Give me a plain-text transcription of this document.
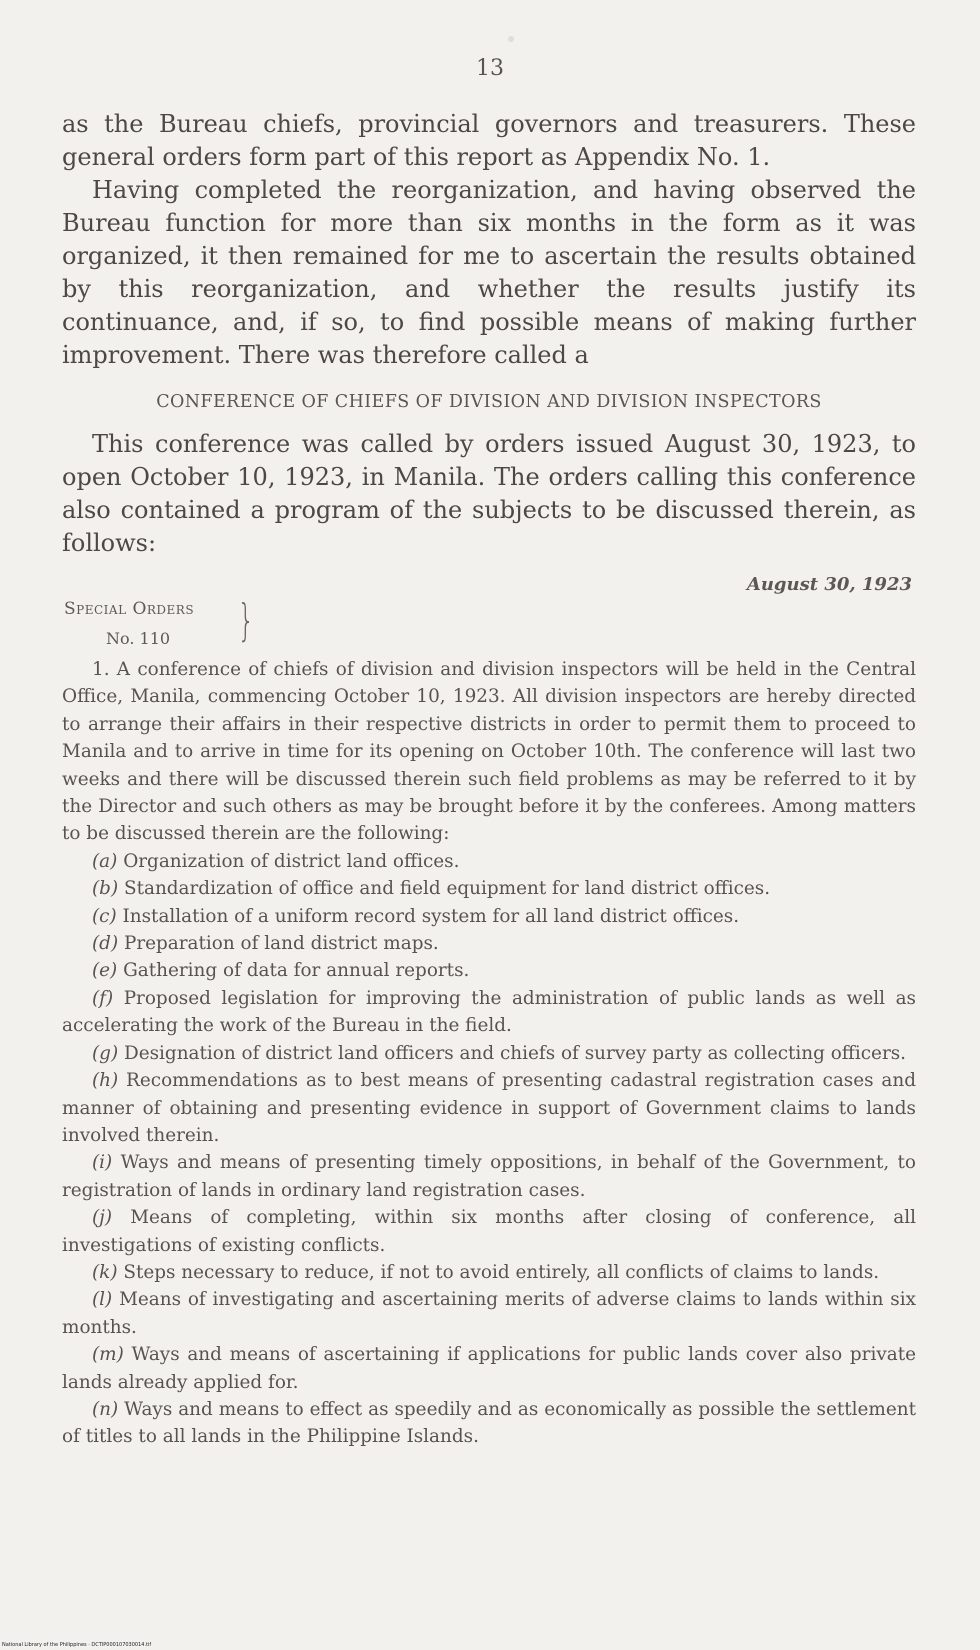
13

as the Bureau chiefs, provincial governors and treasurers. These general orders form part of this report as Appendix No. 1.

Having completed the reorganization, and having observed the Bureau function for more than six months in the form as it was organized, it then remained for me to ascertain the results obtained by this reorganization, and whether the results justify its continuance, and, if so, to find possible means of making further improvement. There was therefore called a

CONFERENCE OF CHIEFS OF DIVISION AND DIVISION INSPECTORS

This conference was called by orders issued August 30, 1923, to open October 10, 1923, in Manila. The orders calling this conference also contained a program of the subjects to be discussed therein, as follows:

August 30, 1923
Special Orders
No. 110	}

1. A conference of chiefs of division and division inspectors will be held in the Central Office, Manila, commencing October 10, 1923. All division inspectors are hereby directed to arrange their affairs in their respective districts in order to permit them to proceed to Manila and to arrive in time for its opening on October 10th. The conference will last two weeks and there will be discussed therein such field problems as may be referred to it by the Director and such others as may be brought before it by the conferees. Among matters to be discussed therein are the following:

(a) Organization of district land offices.

(b) Standardization of office and field equipment for land district offices.

(c) Installation of a uniform record system for all land district offices.

(d) Preparation of land district maps.

(e) Gathering of data for annual reports.

(f) Proposed legislation for improving the administration of public lands as well as accelerating the work of the Bureau in the field.

(g) Designation of district land officers and chiefs of survey party as collecting officers.

(h) Recommendations as to best means of presenting cadastral registration cases and manner of obtaining and presenting evidence in support of Government claims to lands involved therein.

(i) Ways and means of presenting timely oppositions, in behalf of the Government, to registration of lands in ordinary land registration cases.

(j) Means of completing, within six months after closing of conference, all investigations of existing conflicts.

(k) Steps necessary to reduce, if not to avoid entirely, all conflicts of claims to lands.

(l) Means of investigating and ascertaining merits of adverse claims to lands within six months.

(m) Ways and means of ascertaining if applications for public lands cover also private lands already applied for.

(n) Ways and means to effect as speedily and as economically as possible the settlement of titles to all lands in the Philippine Islands.

National Library of the Philippines · DCTIP000107030014.tif
